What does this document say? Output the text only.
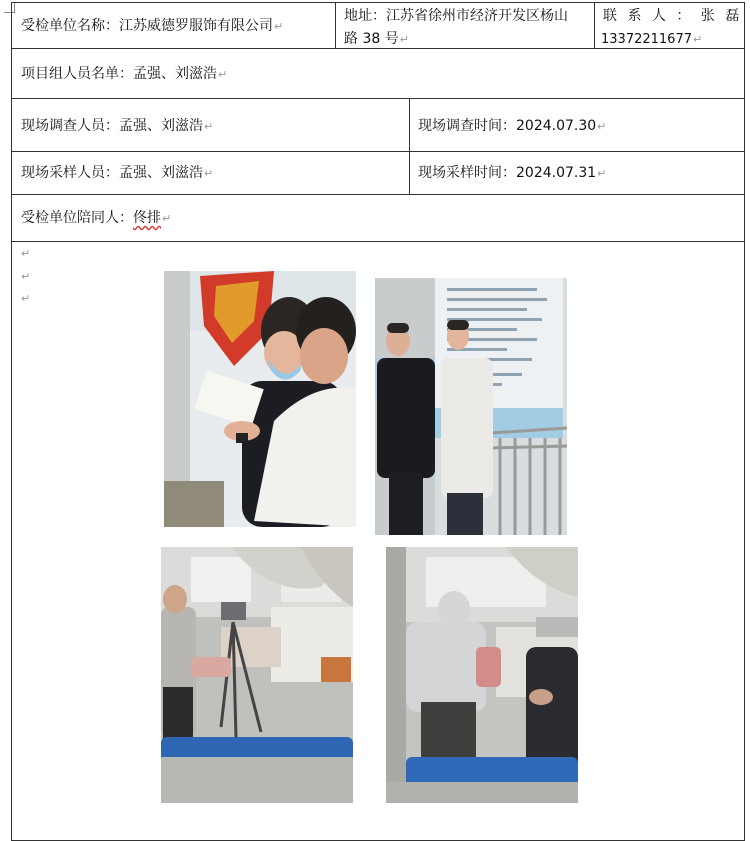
受检单位名称：江苏威德罗服饰有限公司↵
地址：江苏省徐州市经济开发区杨山
路 38 号↵
联 系 人 ： 张 磊
13372211677↵
项目组人员名单：孟强、刘滋浩↵
现场调查人员：孟强、刘滋浩↵	现场调查时间：2024.07.30↵
现场采样人员：孟强、刘滋浩↵	现场采样时间：2024.07.31↵
受检单位陪同人：佟排↵
↵
↵
↵
